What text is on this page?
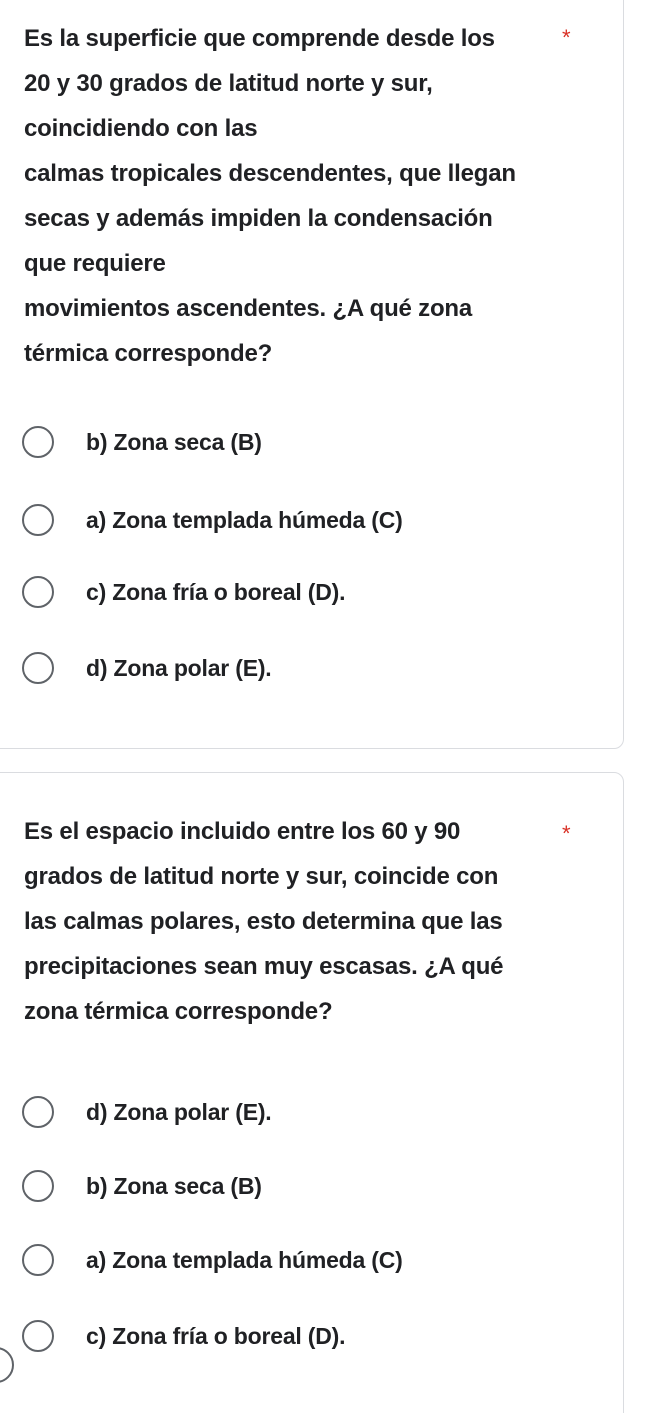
Es la superficie que comprende desde los
20 y 30 grados de latitud norte y sur,
coincidiendo con las
calmas tropicales descendentes, que llegan
secas y además impiden la condensación
que requiere
movimientos ascendentes. ¿A qué zona
térmica corresponde?
*
b) Zona seca (B)
a) Zona templada húmeda (C)
c) Zona fría o boreal (D).
d) Zona polar (E).
Es el espacio incluido entre los 60 y 90
grados de latitud norte y sur, coincide con
las calmas polares, esto determina que las
precipitaciones sean muy escasas. ¿A qué
zona térmica corresponde?
*
d) Zona polar (E).
b) Zona seca (B)
a) Zona templada húmeda (C)
c) Zona fría o boreal (D).
